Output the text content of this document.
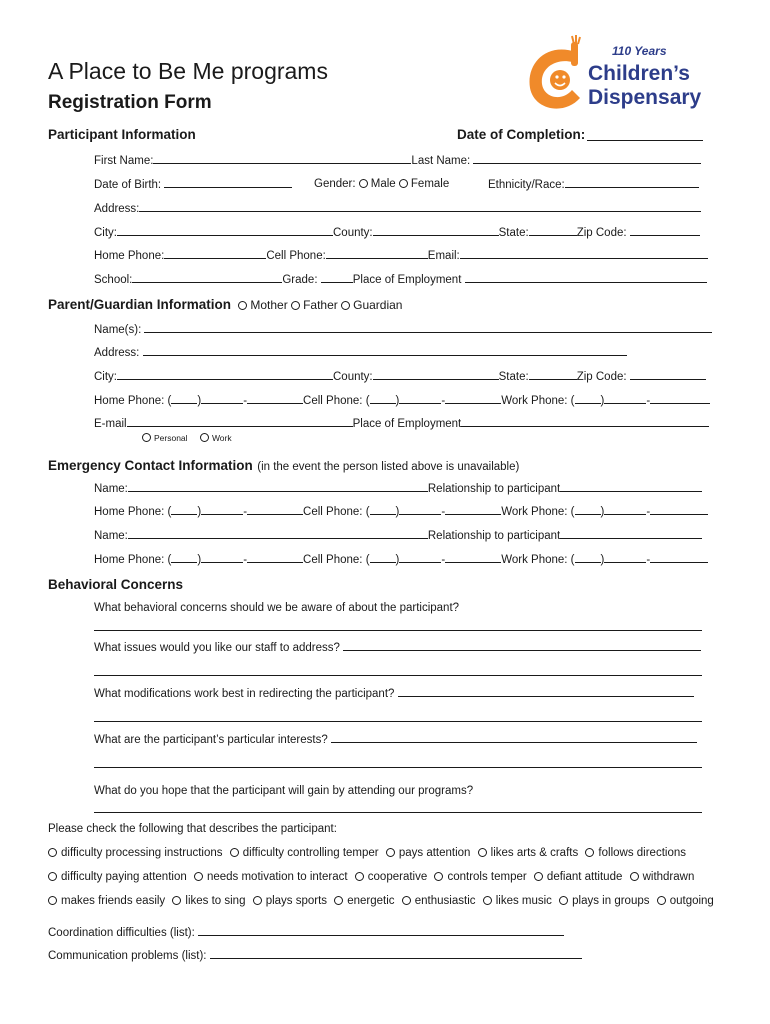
A Place to Be Me programs
Registration Form
110 Years
Children’s
Dispensary
Participant Information	Date of Completion:
First Name:	Last Name:
Date of Birth:	Gender: Male Female	Ethnicity/Race:
Address:
City:	County:	State:	Zip Code:
Home Phone:	Cell Phone:	Email:
School:	Grade:	Place of Employment
Parent/Guardian Information Mother Father Guardian
Name(s):
Address:
City:	County:	State:	Zip Code:
Home Phone: ( )	-	Cell Phone: ( )	-	Work Phone: ( )	-
E-mail	Place of Employment
Personal	Work
Emergency Contact Information (in the event the person listed above is unavailable)
Name:	Relationship to participant
Home Phone: ( )	-	Cell Phone: ( )	-	Work Phone: ( )	-
Name:	Relationship to participant
Home Phone: ( )	-	Cell Phone: ( )	-	Work Phone: ( )	-
Behavioral Concerns
What behavioral concerns should we be aware of about the participant?
What issues would you like our staff to address?
What modifications work best in redirecting the participant?
What are the participant’s particular interests?
What do you hope that the participant will gain by attending our programs?
Please check the following that describes the participant:
difficulty processing instructions difficulty controlling temper pays attention likes arts & crafts follows directions
difficulty paying attention needs motivation to interact cooperative controls temper defiant attitude withdrawn
makes friends easily likes to sing plays sports energetic enthusiastic likes music plays in groups outgoing
Coordination difficulties (list):
Communication problems (list):
